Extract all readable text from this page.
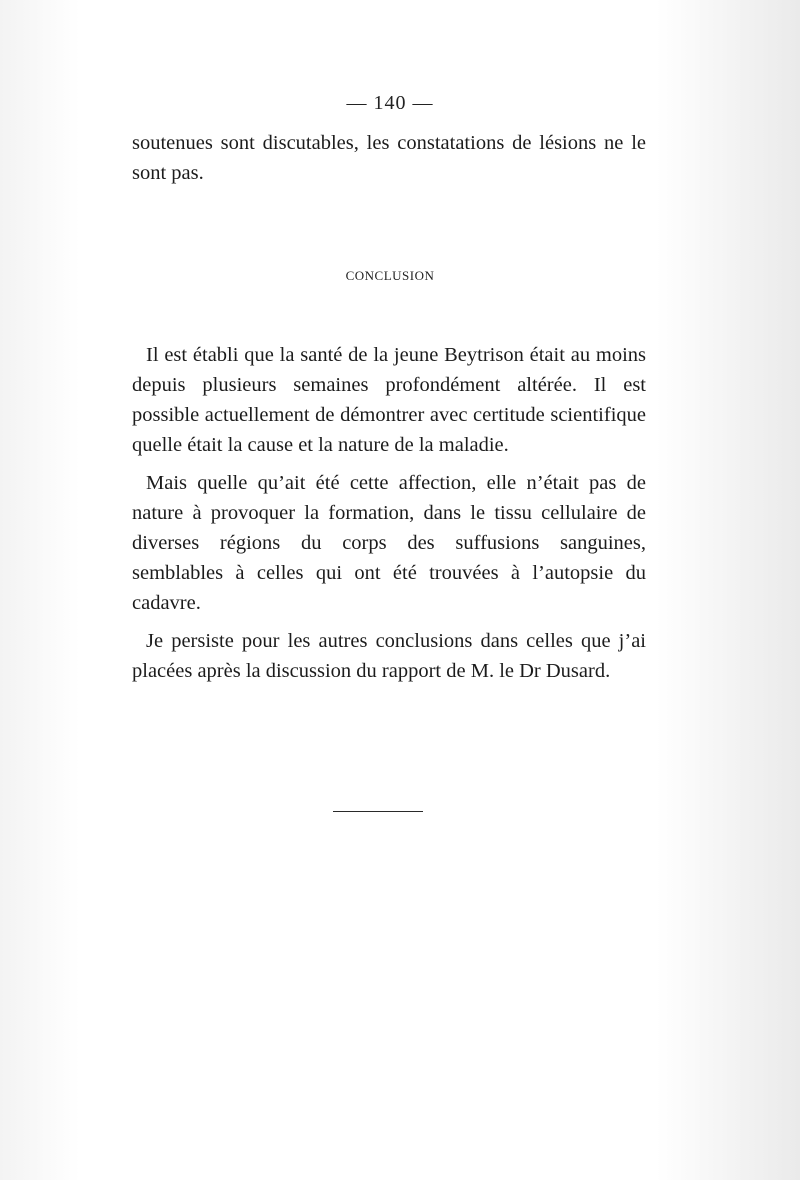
— 140 —

soutenues sont discutables, les constatations de lésions ne le sont pas.

CONCLUSION

Il est établi que la santé de la jeune Beytrison était au moins depuis plusieurs semaines profondément altérée. Il est possible actuellement de démontrer avec certitude scientifique quelle était la cause et la nature de la maladie.

Mais quelle qu’ait été cette affection, elle n’était pas de nature à provoquer la formation, dans le tissu cellulaire de diverses régions du corps des suffusions sanguines, semblables à celles qui ont été trouvées à l’autopsie du cadavre.

Je persiste pour les autres conclusions dans celles que j’ai placées après la discussion du rapport de M. le Dr Dusard.
